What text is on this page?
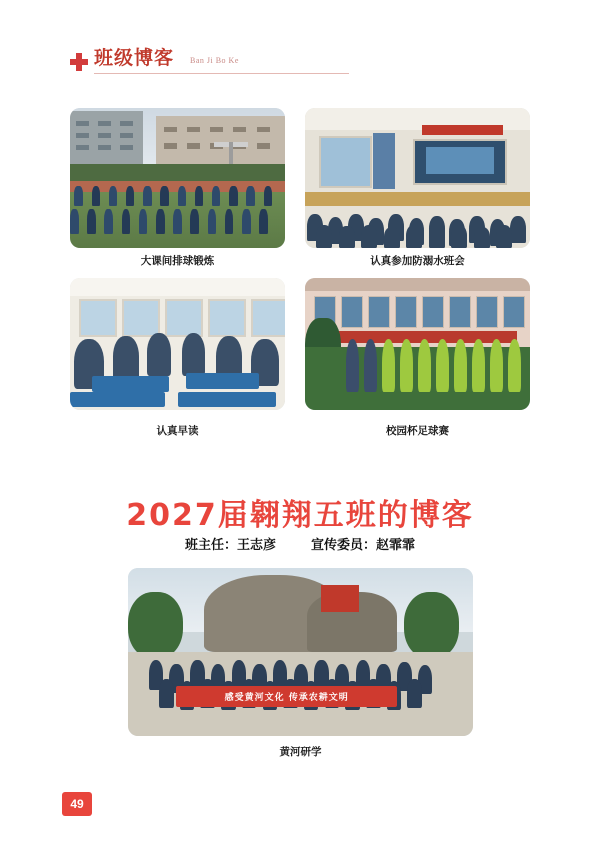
班级博客 Ban Ji Bo Ke
大课间排球锻炼	认真参加防溺水班会
认真早读	校园杯足球赛
2027届翱翔五班的博客
班主任：王志彦	宣传委员：赵霏霏
感受黄河文化 传承农耕文明
黄河研学
49
